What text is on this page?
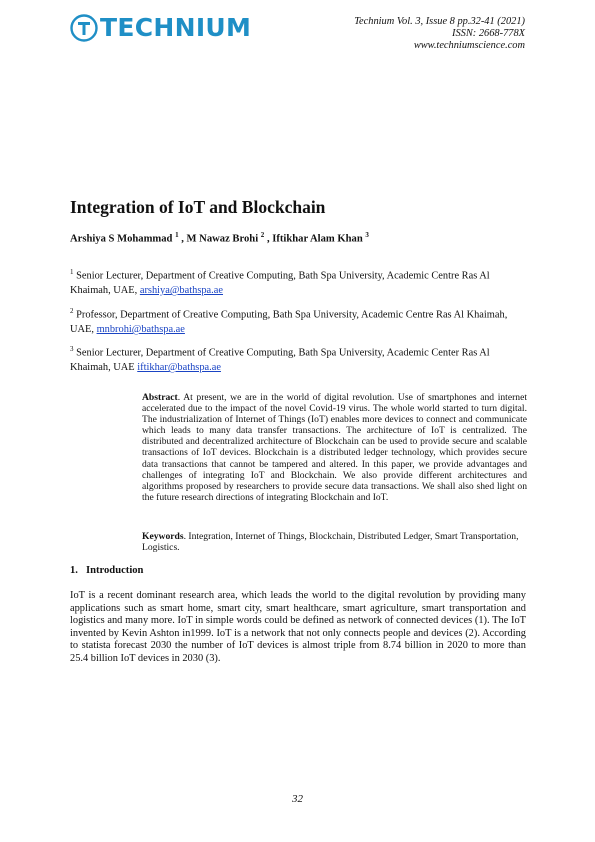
TECHNIUM	Technium Vol. 3, Issue 8 pp.32-41 (2021)
ISSN: 2668-778X
www.techniumscience.com
Integration of IoT and Blockchain
Arshiya S Mohammad $^1$ , M Nawaz Brohi $^2$ , Iftikhar Alam Khan $^3$

$^1$ Senior Lecturer, Department of Creative Computing, Bath Spa University, Academic Centre Ras Al Khaimah, UAE, arshiya@bathspa.ae

$^2$ Professor, Department of Creative Computing, Bath Spa University, Academic Centre Ras Al Khaimah, UAE, mnbrohi@bathspa.ae

$^3$ Senior Lecturer, Department of Creative Computing, Bath Spa University, Academic Center Ras Al Khaimah, UAE iftikhar@bathspa.ae

Abstract. At present, we are in the world of digital revolution. Use of smartphones and internet accelerated due to the impact of the novel Covid-19 virus. The whole world started to turn digital. The industrialization of Internet of Things (IoT) enables more devices to connect and communicate which leads to many data transfer transactions. The architecture of IoT is centralized. The distributed and decentralized architecture of Blockchain can be used to provide secure and scalable transactions of IoT devices. Blockchain is a distributed ledger technology, which provides secure data transactions that cannot be tampered and altered. In this paper, we provide advantages and challenges of integrating IoT and Blockchain. We also provide different architectures and algorithms proposed by researchers to provide secure data transactions. We shall also shed light on the future research directions of integrating Blockchain and IoT.

Keywords. Integration, Internet of Things, Blockchain, Distributed Ledger, Smart Transportation, Logistics.

1. Introduction

IoT is a recent dominant research area, which leads the world to the digital revolution by providing many applications such as smart home, smart city, smart healthcare, smart agriculture, smart transportation and logistics and many more. IoT in simple words could be defined as network of connected devices (1). The IoT invented by Kevin Ashton in1999. IoT is a network that not only connects people and devices (2). According to statista forecast 2030 the number of IoT devices is almost triple from 8.74 billion in 2020 to more than 25.4 billion IoT devices in 2030 (3).

32
